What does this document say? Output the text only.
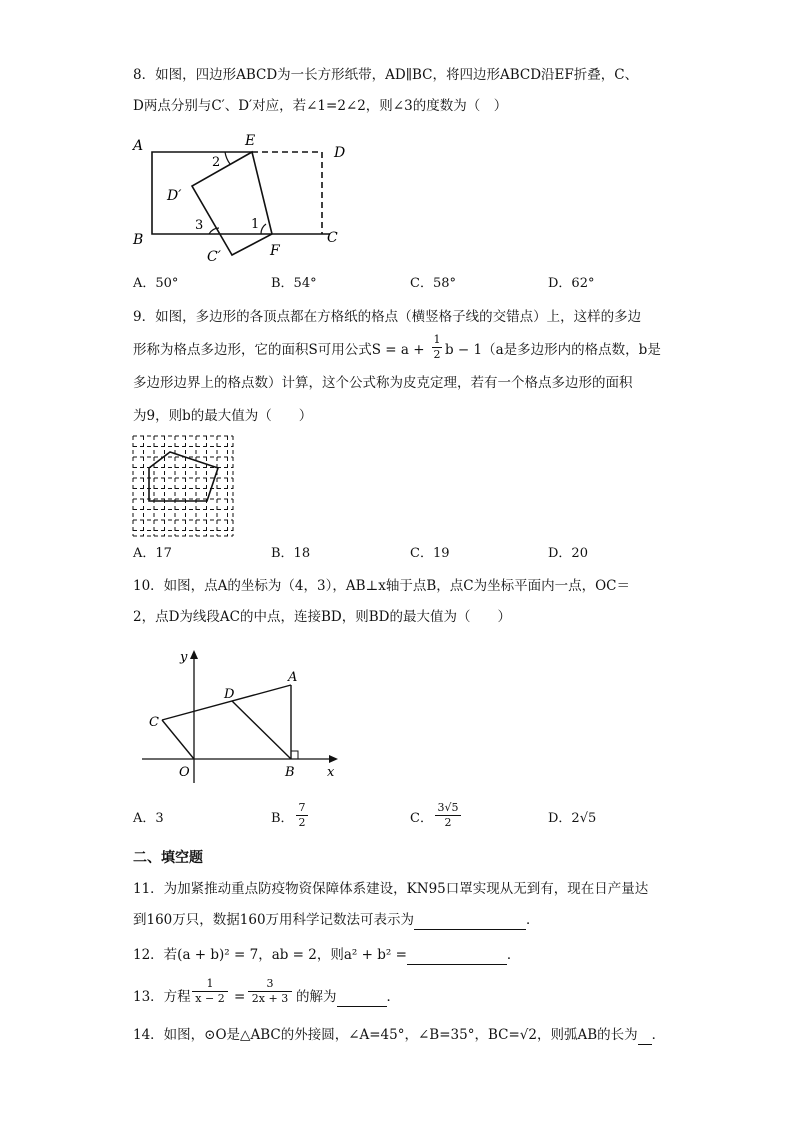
8．如图，四边形ABCD为一长方形纸带，AD∥BC，将四边形ABCD沿EF折叠，C、
D两点分别与C′、D′对应，若∠1=2∠2，则∠3的度数为（　）
A
B
E
D
C
F
C′
D′
2
1
3
A．50°	B．54°	C．58°	D．62°
9．如图，多边形的各顶点都在方格纸的格点（横竖格子线的交错点）上，这样的多边
形称为格点多边形，它的面积S可用公式S = a +
1
2 b − 1（a是多边形内的格点数，b是
多边形边界上的格点数）计算，这个公式称为皮克定理，若有一个格点多边形的面积
为9，则b的最大值为（　　）
A．17	B．18	C．19	D．20
10．如图，点A的坐标为（4，3），AB⊥x轴于点B，点C为坐标平面内一点，OC＝
2，点D为线段AC的中点，连接BD，则BD的最大值为（　　）
y
x
O
A
B
C
D
A．3	B．
7
2	C．
3√5
2	D．2√5
二、填空题
11．为加紧推动重点防疫物资保障体系建设，KN95口罩实现从无到有，现在日产量达
到160万只，数据160万用科学记数法可表示为	．
12．若(a + b)² = 7，ab = 2，则a² + b² =	．
13．方程
1
x − 2 =
3
2x + 3 的解为	．
14．如图，⊙O是△ABC的外接圆，∠A=45°，∠B=35°，BC=√2，则弧AB的长为 ．
